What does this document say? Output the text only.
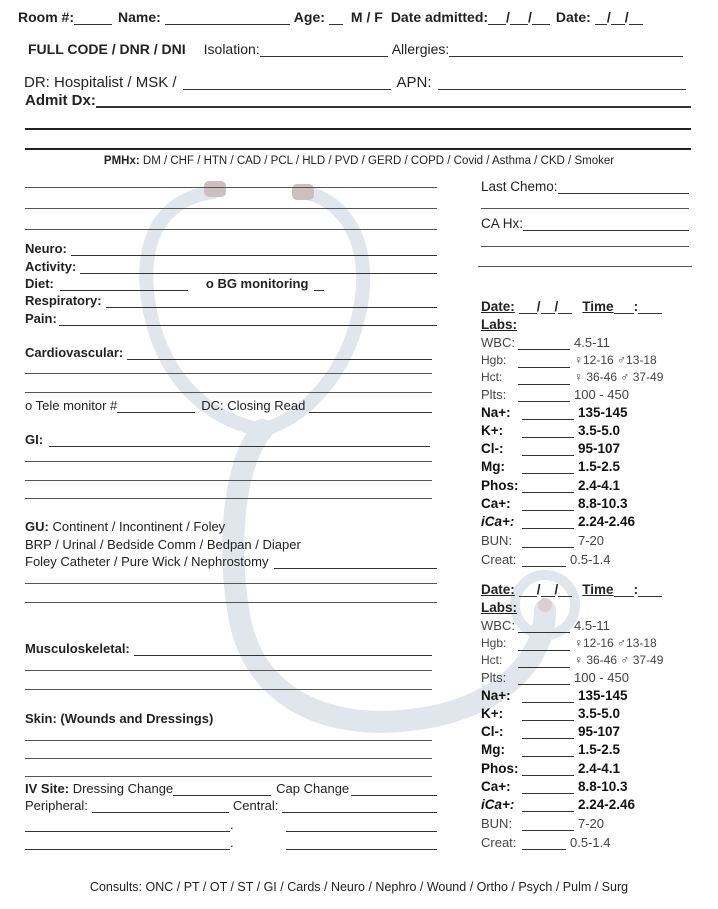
Room #:	Name:	Age: M / F Date admitted: / / Date: / /
FULL CODE / DNR / DNI Isolation:	Allergies:
DR: Hospitalist / MSK /	APN:
Admit Dx:
PMHx: DM / CHF / HTN / CAD / PCL / HLD / PVD / GERD / COPD / Covid / Asthma / CKD / Smoker
Neuro:
Activity:
Diet:	o BG monitoring
Respiratory:
Pain:
Cardiovascular:
o Tele monitor #	DC: Closing Read
GI:
GU:
Continent / Incontinent / Foley
BRP / Urinal / Bedside Comm / Bedpan / Diaper
Foley Catheter / Pure Wick / Nephrostomy
Musculoskeletal:
Skin: (Wounds and Dressings)
IV Site:
Dressing Change	Cap Change
Peripheral:	Central:
.
.
Last Chemo:
CA Hx:
Date: / / Time :
Labs:
WBC:	4.5-11
Hgb:	♀12-16 ♂13-18
Hct:	♀ 36-46 ♂ 37-49
Plts:	100 - 450
Na+:	135-145
K+:	3.5-5.0
Cl-:	95-107
Mg:	1.5-2.5
Phos:	2.4-4.1
Ca+:	8.8-10.3
iCa+:	2.24-2.46
BUN:	7-20
Creat:	0.5-1.4
Date: / / Time :
Labs:
WBC:	4.5-11
Hgb:	♀12-16 ♂13-18
Hct:	♀ 36-46 ♂ 37-49
Plts:	100 - 450
Na+:	135-145
K+:	3.5-5.0
Cl-:	95-107
Mg:	1.5-2.5
Phos:	2.4-4.1
Ca+:	8.8-10.3
iCa+:	2.24-2.46
BUN:	7-20
Creat:	0.5-1.4
Consults: ONC / PT / OT / ST / GI / Cards / Neuro / Nephro / Wound / Ortho / Psych / Pulm / Surg
